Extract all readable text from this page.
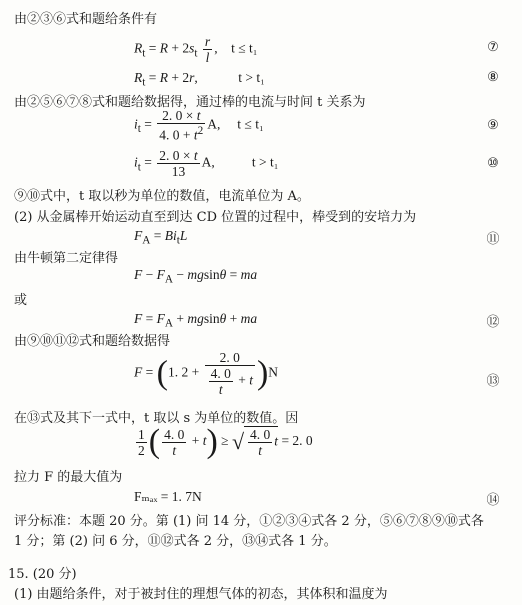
由②③⑥式和题给条件有
$R_t = R + 2s_t \frac{r}{l}$ ,    t ≤ t₁	⑦
$R_t = R + 2r$,            t > t₁	⑧
由②⑤⑥⑦⑧式和题给数据得，通过棒的电流与时间 t 关系为
$i_t = \frac{2. 0 \times t}{4. 0 + t^2} A$, t ≤ t₁	⑨
$i_t = \frac{2. 0 \times t}{13} A$,	t > t₁	⑩
⑨⑩式中，t 取以秒为单位的数值，电流单位为 A。
(2) 从金属棒开始运动直至到达 CD 位置的过程中，棒受到的安培力为
$F_A = Bi_tL$	⑪
由牛顿第二定律得
$F - F_A - mgsin\theta$ = ma
或
$F = F_A + mgsin\theta$ + ma	⑫
由⑨⑩⑪⑫式和题给数据得
F = (1. $2 + \frac{2. 0}{\frac{4. 0}{t} + t} )N$
⑬
在⑬式及其下一式中，t 取以 s 为单位的数值。因
$\frac{1}{2}$ ( $\frac{4. 0}{t} + t$) ≥ √ $\frac{4. 0}{t}$ t = 2. 0
拉力 F 的最大值为
Fₘₐₓ = 1. 7N	⑭
评分标准：本题 20 分。第 (1) 问 14 分，①②③④式各 2 分，⑤⑥⑦⑧⑨⑩式各
1 分；第 (2) 问 6 分，⑪⑫式各 2 分，⑬⑭式各 1 分。
15. (20 分)
(1) 由题给条件，对于被封住的理想气体的初态，其体积和温度为
